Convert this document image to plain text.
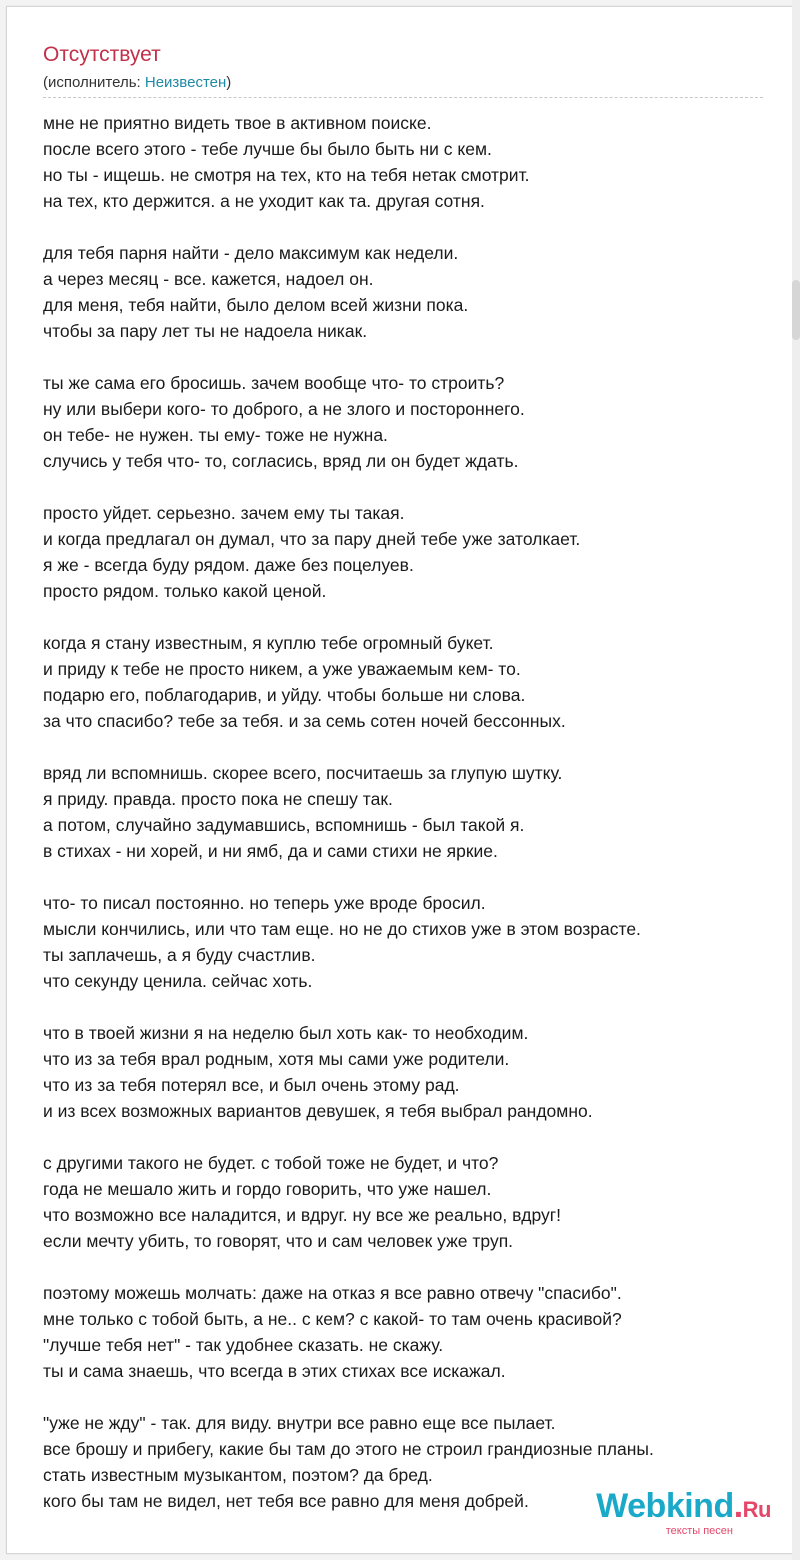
Отсутствует
(исполнитель: Неизвестен)
мне не приятно видеть твое в активном поиске.
после всего этого - тебе лучше бы было быть ни с кем.
но ты - ищешь. не смотря на тех, кто на тебя нетак смотрит.
на тех, кто держится. а не уходит как та. другая сотня.
для тебя парня найти - дело максимум как недели.
а через месяц - все. кажется, надоел он.
для меня, тебя найти, было делом всей жизни пока.
чтобы за пару лет ты не надоела никак.
ты же сама его бросишь. зачем вообще что- то строить?
ну или выбери кого- то доброго, а не злого и постороннего.
он тебе- не нужен. ты ему- тоже не нужна.
случись у тебя что- то, согласись, вряд ли он будет ждать.
просто уйдет. серьезно. зачем ему ты такая.
и когда предлагал он думал, что за пару дней тебе уже затолкает.
я же - всегда буду рядом. даже без поцелуев.
просто рядом. только какой ценой.
когда я стану известным, я куплю тебе огромный букет.
и приду к тебе не просто никем, а уже уважаемым кем- то.
подарю его, поблагодарив, и уйду. чтобы больше ни слова.
за что спасибо? тебе за тебя. и за семь сотен ночей бессонных.
вряд ли вспомнишь. скорее всего, посчитаешь за глупую шутку.
я приду. правда. просто пока не спешу так.
а потом, случайно задумавшись, вспомнишь - был такой я.
в стихах - ни хорей, и ни ямб, да и сами стихи не яркие.
что- то писал постоянно. но теперь уже вроде бросил.
мысли кончились, или что там еще. но не до стихов уже в этом возрасте.
ты заплачешь, а я буду счастлив.
что секунду ценила. сейчас хоть.
что в твоей жизни я на неделю был хоть как- то необходим.
что из за тебя врал родным, хотя мы сами уже родители.
что из за тебя потерял все, и был очень этому рад.
и из всех возможных вариантов девушек, я тебя выбрал рандомно.
с другими такого не будет. с тобой тоже не будет, и что?
года не мешало жить и гордо говорить, что уже нашел.
что возможно все наладится, и вдруг. ну все же реально, вдруг!
если мечту убить, то говорят, что и сам человек уже труп.
поэтому можешь молчать: даже на отказ я все равно отвечу "спасибо".
мне только с тобой быть, а не.. с кем? с какой- то там очень красивой?
"лучше тебя нет" - так удобнее сказать. не скажу.
ты и сама знаешь, что всегда в этих стихах все искажал.
"уже не жду" - так. для виду. внутри все равно еще все пылает.
все брошу и прибегу, какие бы там до этого не строил грандиозные планы.
стать известным музыкантом, поэтом? да бред.
кого бы там не видел, нет тебя все равно для меня добрей.	Webkind.Ru
тексты песен
